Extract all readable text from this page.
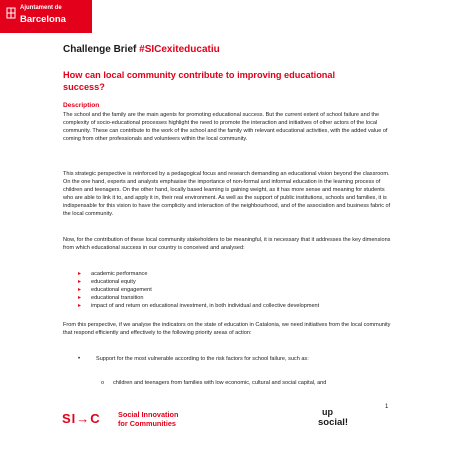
Ajuntament de
Barcelona
Challenge Brief #SICexiteducatiu
How can local community contribute to improving educational success?
Description
The school and the family are the main agents for promoting educational success. But the current extent of school failure and the complexity of socio-educational processes highlight the need to promote the interaction and initiatives of other actors of the local community. These can contribute to the work of the school and the family with relevant educational activities, with the added value of coming from other professionals and volunteers within the local community.
This strategic perspective is reinforced by a pedagogical focus and research demanding an educational vision beyond the classroom. On the one hand, experts and analysts emphasise the importance of non-formal and informal education in the learning process of children and teenagers. On the other hand, locally based learning is gaining weight, as it has more sense and meaning for students who are able to link it to, and apply it in, their real environment. As well as the support of public institutions, schools and families, it is indispensable for this vision to have the complicity and interaction of the neighbourhood, and of the association and business fabric of the local community.
Now, for the contribution of these local community stakeholders to be meaningful, it is necessary that it addresses the key dimensions from which educational success in our country is conceived and analysed:
▸ academic performance
▸ educational equity
▸ educational engagement
▸ educational transition
▸ impact of and return on educational investment, in both individual and collective development
From this perspective, if we analyse the indicators on the state of education in Catalonia, we need initiatives from the local community that respond efficiently and effectively to the following priority areas of action:
•	Support for the most vulnerable according to the risk factors for school failure, such as:
o children and teenagers from families with low economic, cultural and social capital, and
SI→C Social Innovation
for Communities
up
social!
1
